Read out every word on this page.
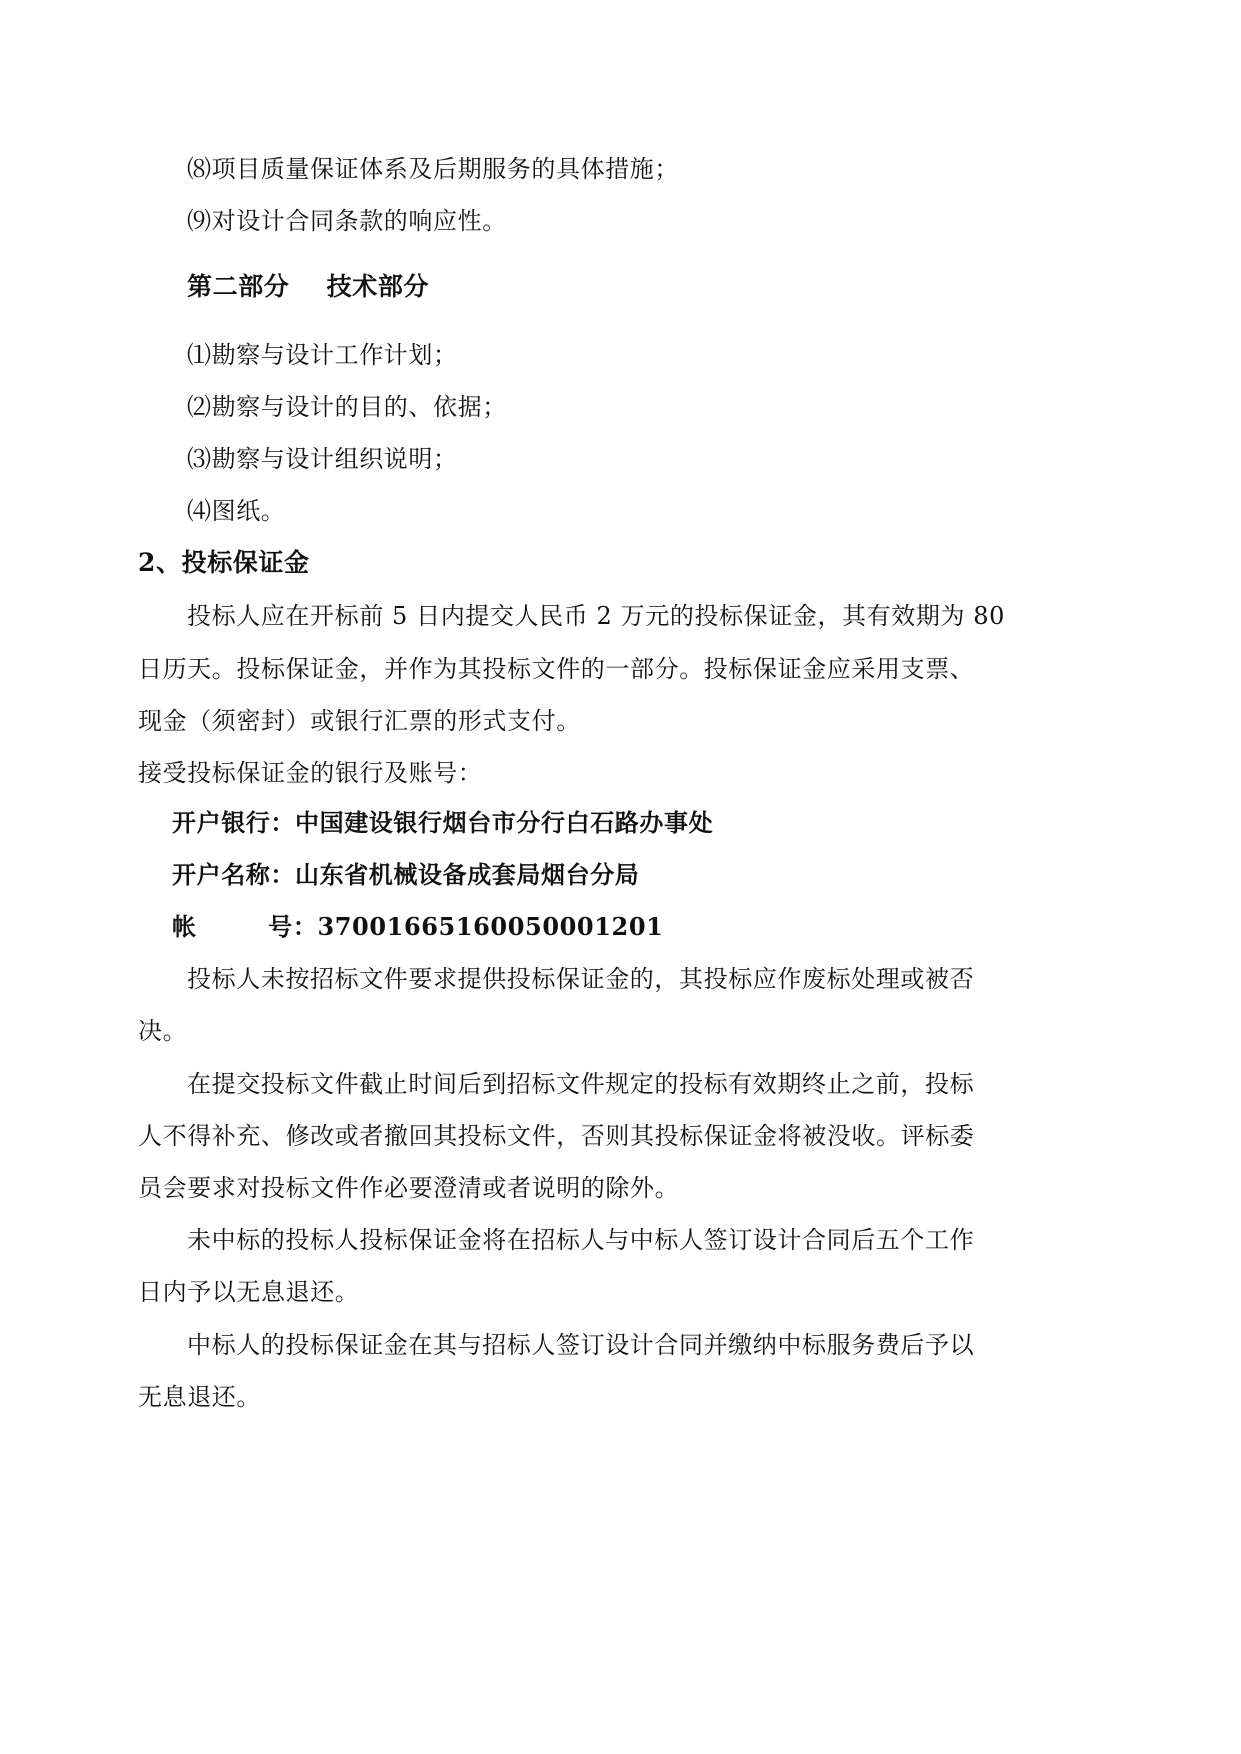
⑻项目质量保证体系及后期服务的具体措施；
⑼对设计合同条款的响应性。
第二部分    技术部分
⑴勘察与设计工作计划；
⑵勘察与设计的目的、依据；
⑶勘察与设计组织说明；
⑷图纸。
2、投标保证金
投标人应在开标前 5 日内提交人民币 2 万元的投标保证金，其有效期为 80
日历天。投标保证金，并作为其投标文件的一部分。投标保证金应采用支票、
现金（须密封）或银行汇票的形式支付。
接受投标保证金的银行及账号：
开户银行：中国建设银行烟台市分行白石路办事处
开户名称：山东省机械设备成套局烟台分局
帐        号：37001665160050001201
投标人未按招标文件要求提供投标保证金的，其投标应作废标处理或被否
决。
在提交投标文件截止时间后到招标文件规定的投标有效期终止之前，投标
人不得补充、修改或者撤回其投标文件，否则其投标保证金将被没收。评标委
员会要求对投标文件作必要澄清或者说明的除外。
未中标的投标人投标保证金将在招标人与中标人签订设计合同后五个工作
日内予以无息退还。
中标人的投标保证金在其与招标人签订设计合同并缴纳中标服务费后予以
无息退还。
